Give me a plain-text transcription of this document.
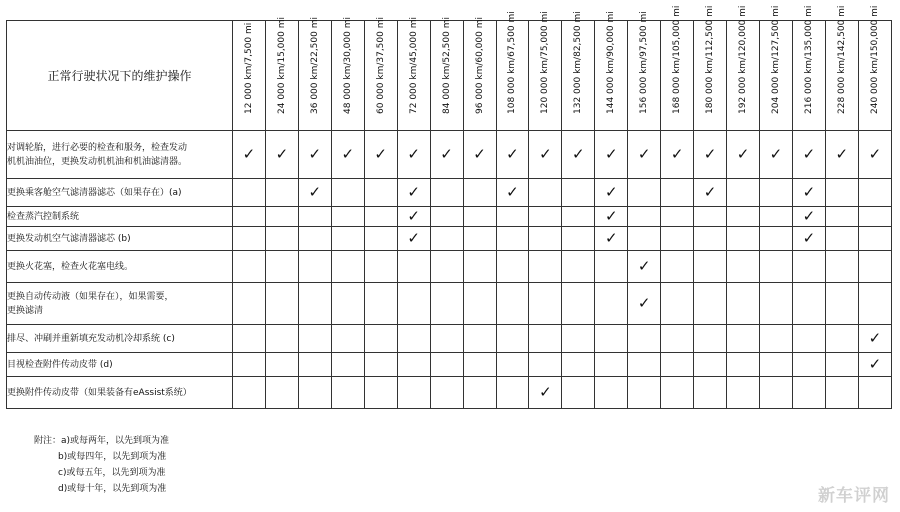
正常行驶状况下的维护操作	12 000 km/7,500 mi	24 000 km/15,000 mi	36 000 km/22,500 mi	48 000 km/30,000 mi	60 000 km/37,500 mi	72 000 km/45,000 mi	84 000 km/52,500 mi	96 000 km/60,000 mi	108 000 km/67,500 mi	120 000 km/75,000 mi	132 000 km/82,500 mi	144 000 km/90,000 mi	156 000 km/97,500 mi	168 000 km/105,000 mi	180 000 km/112,500 mi	192 000 km/120,000 mi	204 000 km/127,500 mi	216 000 km/135,000 mi	228 000 km/142,500 mi	240 000 km/150,000 mi

对调轮胎，进行必要的检查和服务，检查发动
机机油油位，更换发动机机油和机油滤清器。	✓	✓	✓	✓	✓	✓	✓	✓	✓	✓	✓	✓	✓	✓	✓	✓	✓	✓	✓	✓

更换乘客舱空气滤清器滤芯（如果存在）(a)			✓			✓			✓			✓			✓			✓		

检查蒸汽控制系统						✓						✓						✓		

更换发动机空气滤清器滤芯 (b)						✓						✓						✓		

更换火花塞，检查火花塞电线。													✓							

更换自动传动液（如果存在），如果需要，
更换滤清													✓							

排尽、冲刷并重新填充发动机冷却系统 (c)																				✓

目视检查附件传动皮带 (d)																				✓

更换附件传动皮带（如果装备有eAssist系统）										✓										
附注：a)或每两年，以先到项为准
b)或每四年，以先到项为准
c)或每五年，以先到项为准
d)或每十年，以先到项为准	新车评网
